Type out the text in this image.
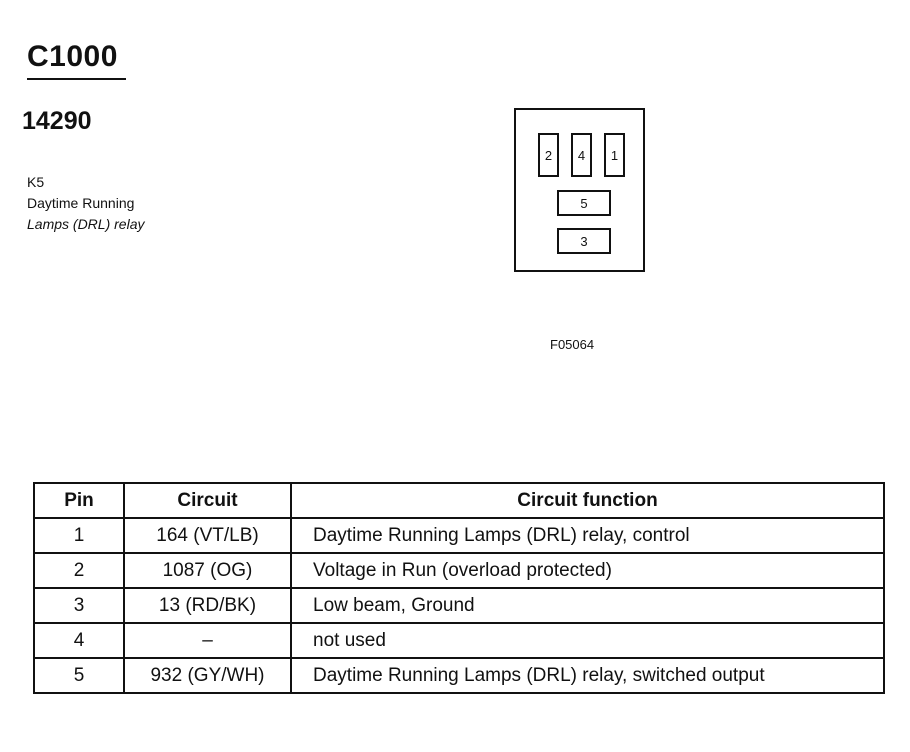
C1000
14290
K5
Daytime Running
Lamps (DRL) relay
2	4	1
5
3
F05064
Pin	Circuit	Circuit function
1	164 (VT/LB)	Daytime Running Lamps (DRL) relay, control
2	1087 (OG)	Voltage in Run (overload protected)
3	13 (RD/BK)	Low beam, Ground
4	–	not used
5	932 (GY/WH)	Daytime Running Lamps (DRL) relay, switched output
